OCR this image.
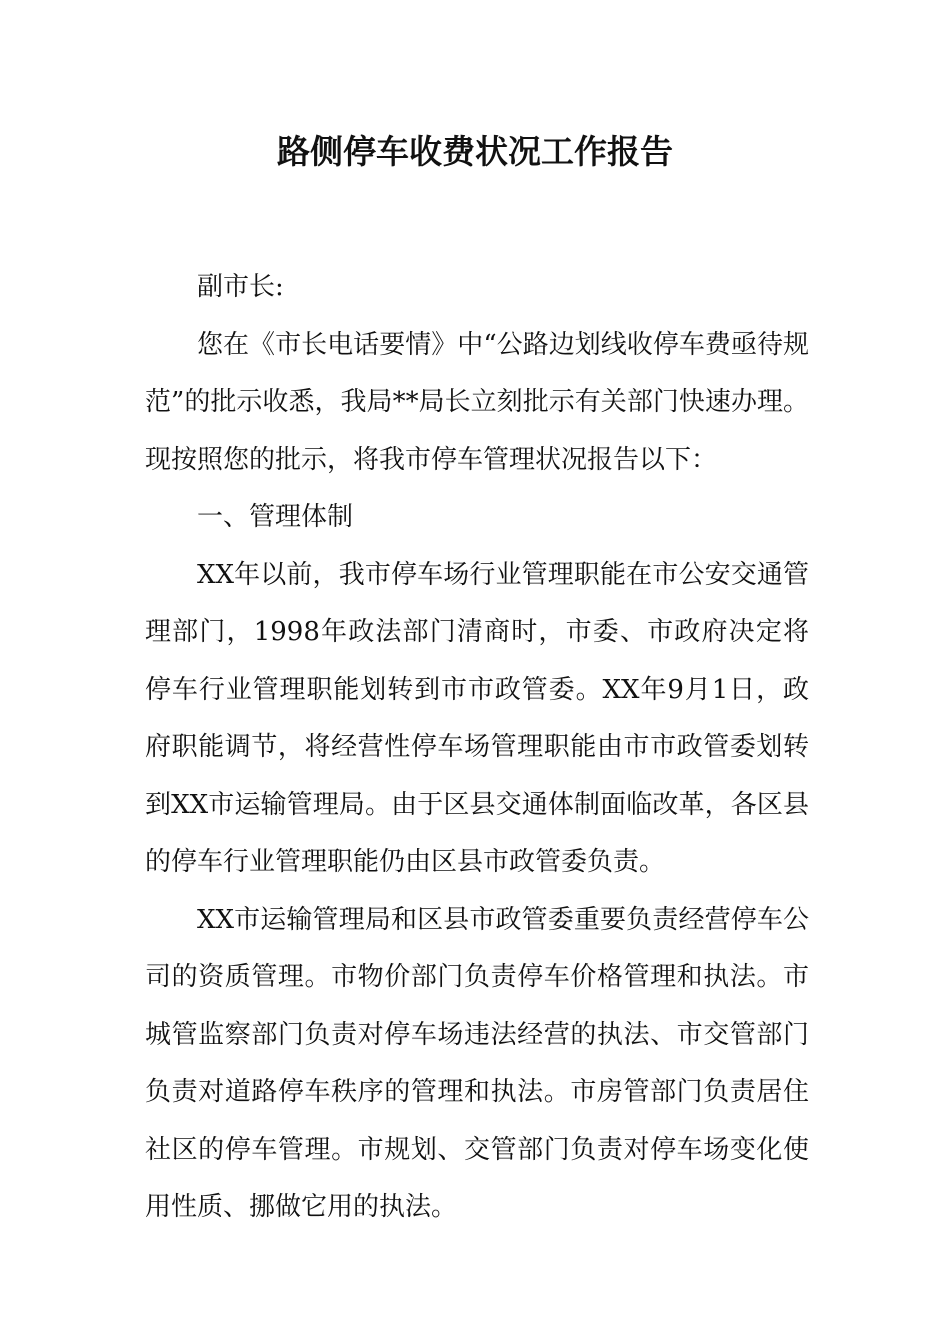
路侧停车收费状况工作报告

副市长:

您在《市长电话要情》中“公路边划线收停车费亟待规范”的批示收悉，我局**局长立刻批示有关部门快速办理。现按照您的批示，将我市停车管理状况报告以下：

一、管理体制

XX年以前，我市停车场行业管理职能在市公安交通管理部门，1998年政法部门清商时，市委、市政府决定将停车行业管理职能划转到市市政管委。XX年9月1日，政府职能调节，将经营性停车场管理职能由市市政管委划转到XX市运输管理局。由于区县交通体制面临改革，各区县的停车行业管理职能仍由区县市政管委负责。

XX市运输管理局和区县市政管委重要负责经营停车公司的资质管理。市物价部门负责停车价格管理和执法。市城管监察部门负责对停车场违法经营的执法、市交管部门负责对道路停车秩序的管理和执法。市房管部门负责居住社区的停车管理。市规划、交管部门负责对停车场变化使用性质、挪做它用的执法。
